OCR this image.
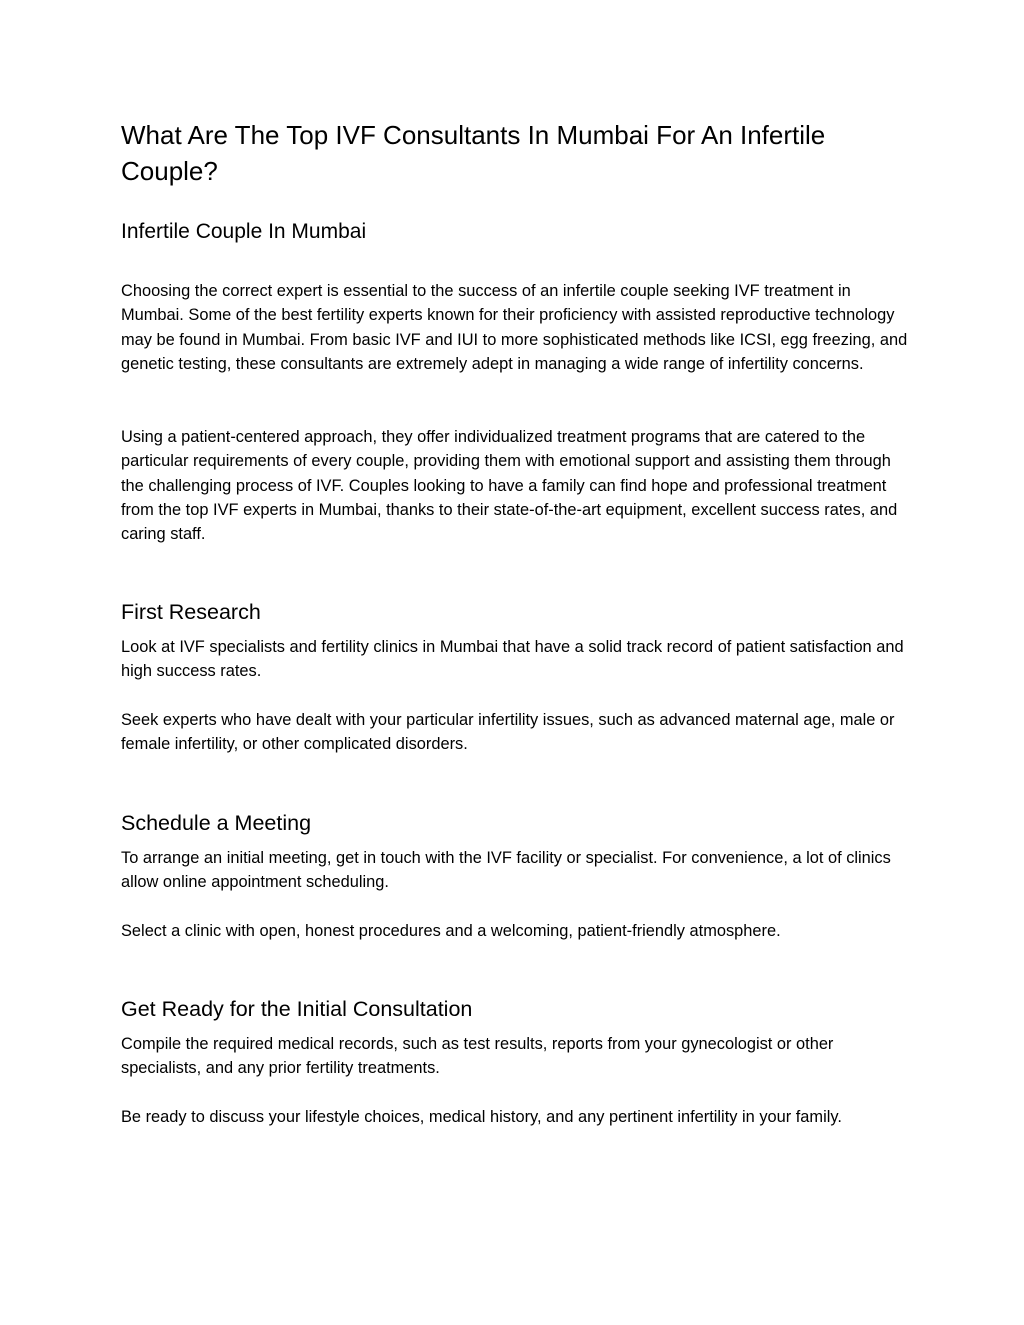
What Are The Top IVF Consultants In Mumbai For An Infertile Couple?
Infertile Couple In Mumbai

Choosing the correct expert is essential to the success of an infertile couple seeking IVF treatment in Mumbai. Some of the best fertility experts known for their proficiency with assisted reproductive technology may be found in Mumbai. From basic IVF and IUI to more sophisticated methods like ICSI, egg freezing, and genetic testing, these consultants are extremely adept in managing a wide range of infertility concerns.

Using a patient-centered approach, they offer individualized treatment programs that are catered to the particular requirements of every couple, providing them with emotional support and assisting them through the challenging process of IVF. Couples looking to have a family can find hope and professional treatment from the top IVF experts in Mumbai, thanks to their state-of-the-art equipment, excellent success rates, and caring staff.

First Research

Look at IVF specialists and fertility clinics in Mumbai that have a solid track record of patient satisfaction and high success rates.

Seek experts who have dealt with your particular infertility issues, such as advanced maternal age, male or female infertility, or other complicated disorders.

Schedule a Meeting

To arrange an initial meeting, get in touch with the IVF facility or specialist. For convenience, a lot of clinics allow online appointment scheduling.

Select a clinic with open, honest procedures and a welcoming, patient-friendly atmosphere.

Get Ready for the Initial Consultation

Compile the required medical records, such as test results, reports from your gynecologist or other specialists, and any prior fertility treatments.

Be ready to discuss your lifestyle choices, medical history, and any pertinent infertility in your family.
